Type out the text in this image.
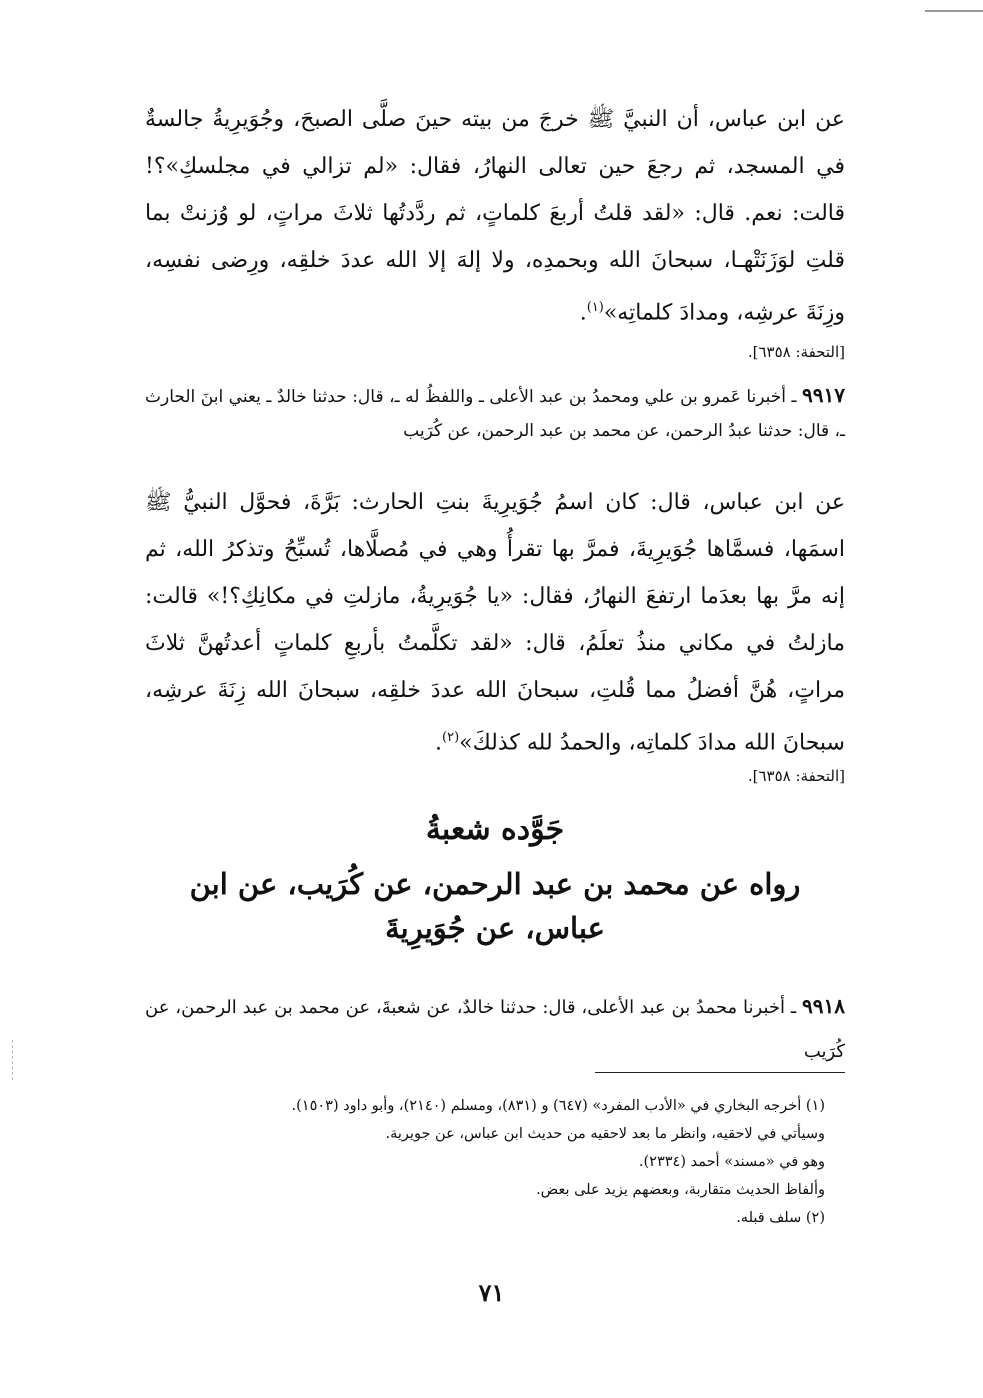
عن ابن عباس، أن النبيَّ ﷺ خرجَ من بيته حينَ صلَّى الصبحَ، وجُوَيرِيةُ جالسةٌ في المسجد، ثم رجعَ حين تعالى النهارُ، فقال: «لم تزالي في مجلسكِ»؟! قالت: نعم. قال: «لقد قلتُ أربعَ كلماتٍ، ثم ردَّدتُها ثلاثَ مراتٍ، لو وُزنتْ بما قلتِ لوَزَنَتْهـا، سبحانَ الله وبحمدِه، ولا إلهَ إلا الله عددَ خلقِه، ورِضى نفسِه، وزِنَةَ عرشِه، ومدادَ كلماتِه»$^{(١)}$.

[التحفة: ٦٣٥٨].

٩٩١٧ ـ أخبرنا عَمرو بن علي ومحمدُ بن عبد الأعلى ـ واللفظُ له ـ، قال: حدثنا خالدٌ ـ يعني ابنَ الحارث ـ، قال: حدثنا عبدُ الرحمن، عن محمد بن عبد الرحمن، عن كُرَيب

عن ابن عباس، قال: كان اسمُ جُوَيرِيةَ بنتِ الحارث: بَرَّةَ، فحوَّل النبيُّ ﷺ اسمَها، فسمَّاها جُوَيرِيةَ، فمرَّ بها تقرأُ وهي في مُصلَّاها، تُسبِّحُ وتذكرُ الله، ثم إنه مرَّ بها بعدَما ارتفعَ النهارُ، فقال: «يا جُوَيرِيةُ، مازلتِ في مكانِكِ؟!» قالت: مازلتُ في مكاني منذُ تعلَمُ، قال: «لقد تكلَّمتُ بأربعِ كلماتٍ أعدتُهنَّ ثلاثَ مراتٍ، هُنَّ أفضلُ مما قُلتِ، سبحانَ الله عددَ خلقِه، سبحانَ الله زِنَةَ عرشِه، سبحانَ الله مدادَ كلماتِه، والحمدُ لله كذلكَ»$^{(٢)}$.

[التحفة: ٦٣٥٨].

جَوَّده شعبةُ

رواه عن محمد بن عبد الرحمن، عن كُرَيب، عن ابن عباس، عن جُوَيرِيةَ

٩٩١٨ ـ أخبرنا محمدُ بن عبد الأعلى، قال: حدثنا خالدٌ، عن شعبةَ، عن محمد بن عبد الرحمن، عن كُرَيب

(١) أخرجه البخاري في «الأدب المفرد» (٦٤٧) و (٨٣١)، ومسلم (٢١٤٠)، وأبو داود (١٥٠٣).

وسيأتي في لاحقيه، وانظر ما بعد لاحقيه من حديث ابن عباس، عن جويرية.

وهو في «مسند» أحمد (٢٣٣٤).

وألفاظ الحديث متقاربة، وبعضهم يزيد على بعض.

(٢) سلف قبله.

٧١
